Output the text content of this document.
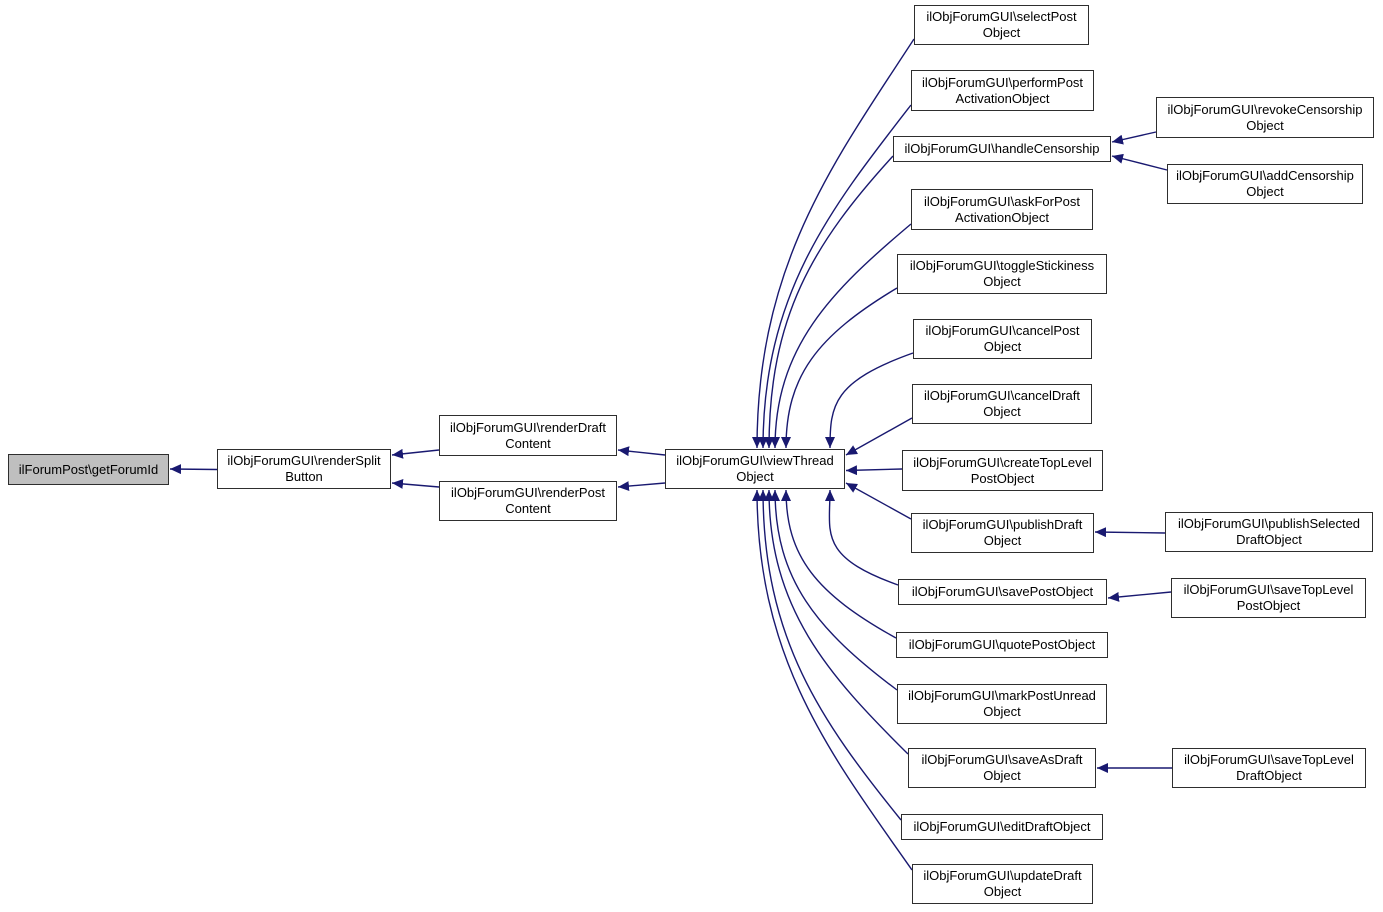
ilForumPost\getForumId
ilObjForumGUI\renderSplit
Button
ilObjForumGUI\renderDraft
Content
ilObjForumGUI\renderPost
Content
ilObjForumGUI\viewThread
Object
ilObjForumGUI\selectPost
Object
ilObjForumGUI\performPost
ActivationObject
ilObjForumGUI\handleCensorship
ilObjForumGUI\askForPost
ActivationObject
ilObjForumGUI\toggleStickiness
Object
ilObjForumGUI\cancelPost
Object
ilObjForumGUI\cancelDraft
Object
ilObjForumGUI\createTopLevel
PostObject
ilObjForumGUI\publishDraft
Object
ilObjForumGUI\savePostObject
ilObjForumGUI\quotePostObject
ilObjForumGUI\markPostUnread
Object
ilObjForumGUI\saveAsDraft
Object
ilObjForumGUI\editDraftObject
ilObjForumGUI\updateDraft
Object
ilObjForumGUI\revokeCensorship
Object
ilObjForumGUI\addCensorship
Object
ilObjForumGUI\publishSelected
DraftObject
ilObjForumGUI\saveTopLevel
PostObject
ilObjForumGUI\saveTopLevel
DraftObject
